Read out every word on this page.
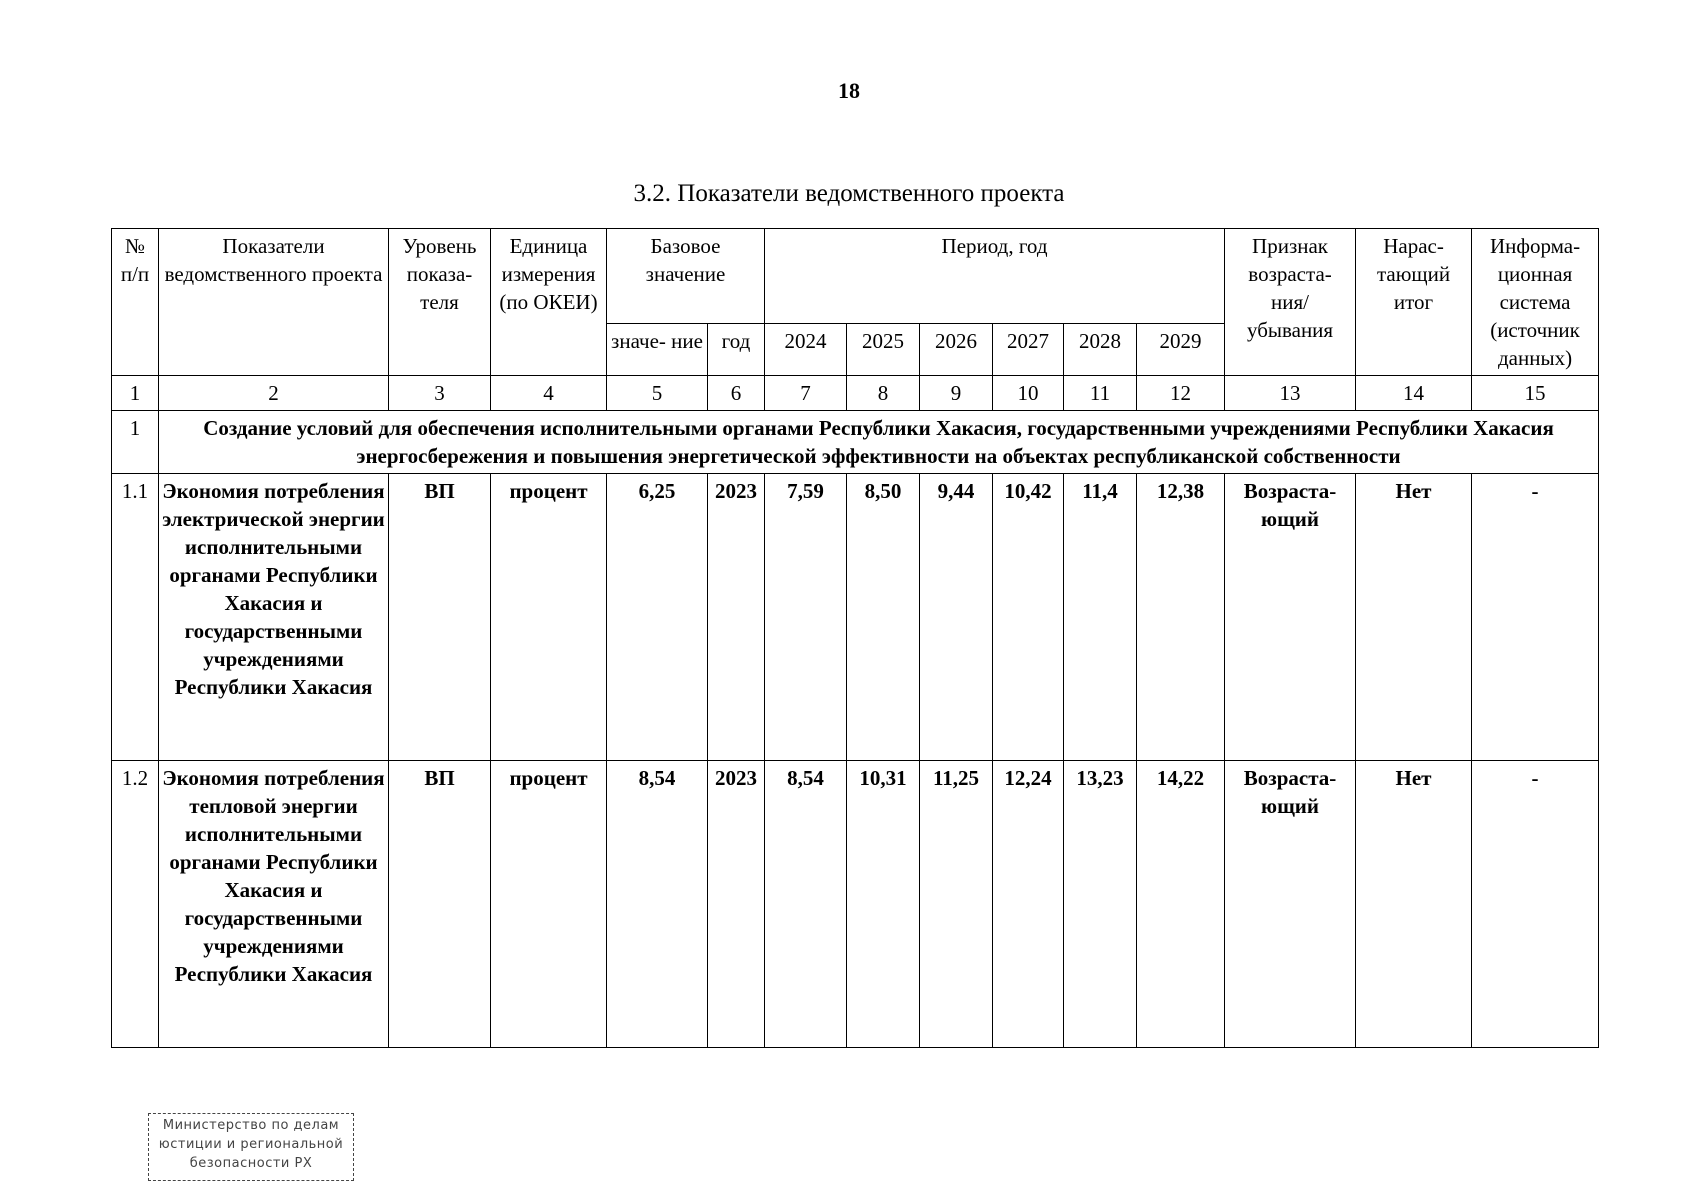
18
3.2. Показатели ведомственного проекта
№ п/п	Показатели ведомственного проекта	Уровень показа- теля	Единица измерения (по ОКЕИ)	Базовое значение		Период, год						Признак возраста- ния/ убывания	Нарас- тающий итог	Информа- ционная система (источник данных)
				значе- ние	год	2024	2025	2026	2027	2028	2029			
1	2	3	4	5	6	7	8	9	10	11	12	13	14	15
1	Создание условий для обеспечения исполнительными органами Республики Хакасия, государственными учреждениями Республики Хакасия энергосбережения и повышения энергетической эффективности на объектах республиканской собственности													
1.1	Экономия потребления электрической энергии исполнительными органами Республики Хакасия и государственными учреждениями Республики Хакасия	ВП	процент	6,25	2023	7,59	8,50	9,44	10,42	11,4	12,38	Возраста- ющий	Нет	-
1.2	Экономия потребления тепловой энергии исполнительными органами Республики Хакасия и государственными учреждениями Республики Хакасия	ВП	процент	8,54	2023	8,54	10,31	11,25	12,24	13,23	14,22	Возраста- ющий	Нет	-
Министерство по делам
юстиции и региональной
безопасности РХ
